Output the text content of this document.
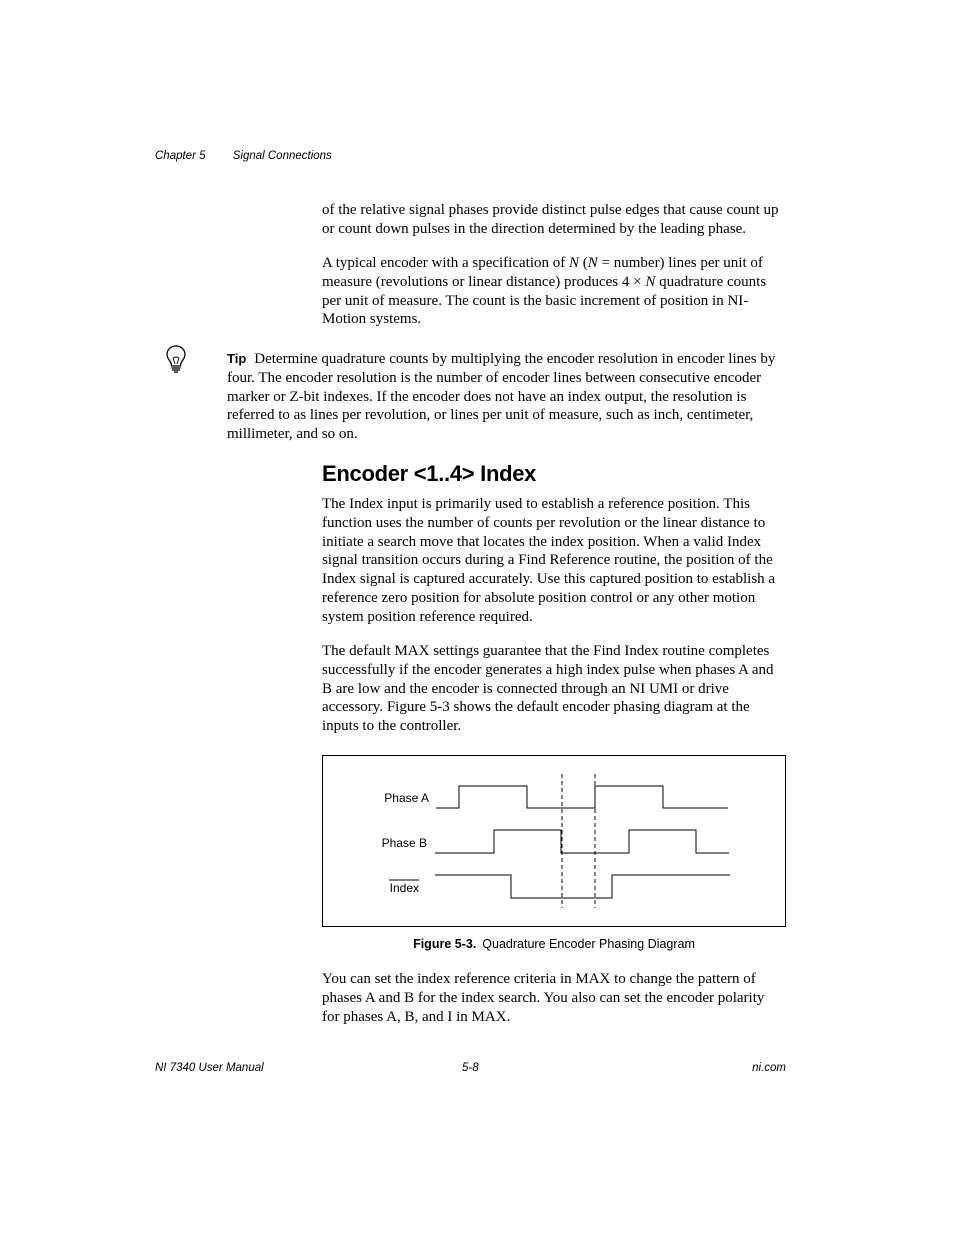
Chapter 5 Signal Connections

of the relative signal phases provide distinct pulse edges that cause count up or count down pulses in the direction determined by the leading phase.

A typical encoder with a specification of N (N = number) lines per unit of measure (revolutions or linear distance) produces 4 × N quadrature counts per unit of measure. The count is the basic increment of position in NI-Motion systems.

Tip Determine quadrature counts by multiplying the encoder resolution in encoder lines by four. The encoder resolution is the number of encoder lines between consecutive encoder marker or Z-bit indexes. If the encoder does not have an index output, the resolution is referred to as lines per revolution, or lines per unit of measure, such as inch, centimeter, millimeter, and so on.

Encoder <1..4> Index

The Index input is primarily used to establish a reference position. This function uses the number of counts per revolution or the linear distance to initiate a search move that locates the index position. When a valid Index signal transition occurs during a Find Reference routine, the position of the Index signal is captured accurately. Use this captured position to establish a reference zero position for absolute position control or any other motion system position reference required.

The default MAX settings guarantee that the Find Index routine completes successfully if the encoder generates a high index pulse when phases A and B are low and the encoder is connected through an NI UMI or drive accessory. Figure 5-3 shows the default encoder phasing diagram at the inputs to the controller.

Phase A
Phase B
Index
Figure 5-3. Quadrature Encoder Phasing Diagram

You can set the index reference criteria in MAX to change the pattern of phases A and B for the index search. You also can set the encoder polarity for phases A, B, and I in MAX.

NI 7340 User Manual	5-8	ni.com
